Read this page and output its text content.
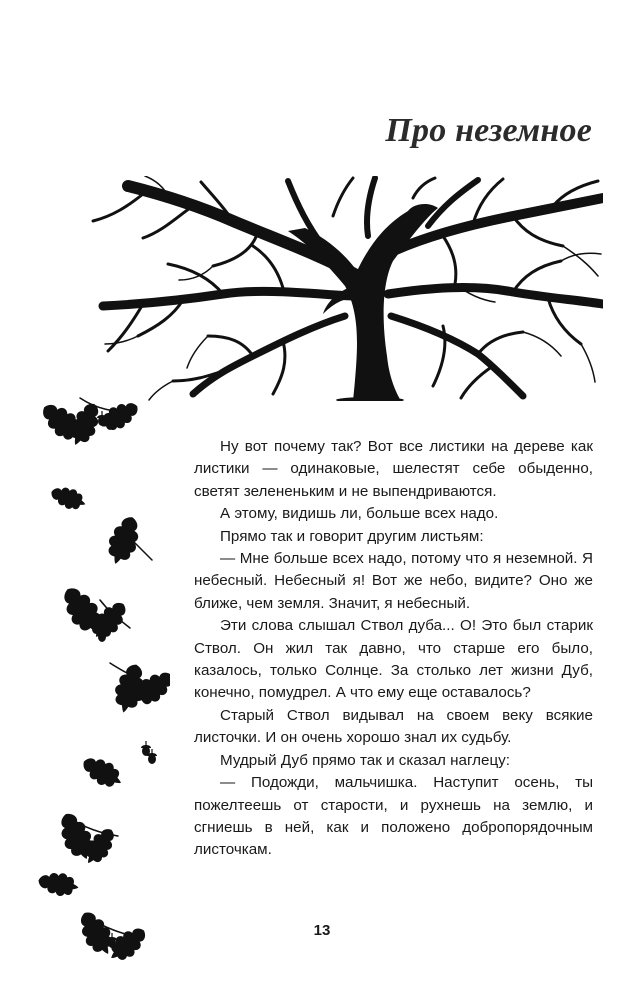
Про неземное

Ну вот почему так? Вот все листики на дереве как листики — одинаковые, шелестят себе обыденно, светят зелененьким и не выпендриваются.

А этому, видишь ли, больше всех надо.

Прямо так и говорит другим листьям:

— Мне больше всех надо, потому что я неземной. Я небесный. Небесный я! Вот же небо, видите? Оно же ближе, чем земля. Значит, я небесный.

Эти слова слышал Ствол дуба... О! Это был старик Ствол. Он жил так давно, что старше его было, казалось, только Солнце. За столько лет жизни Дуб, конечно, помудрел. А что ему еще оставалось?

Старый Ствол видывал на своем веку всякие листочки. И он очень хорошо знал их судьбу.

Мудрый Дуб прямо так и сказал наглецу:

— Подожди, мальчишка. Наступит осень, ты пожелтеешь от старости, и рухнешь на землю, и сгниешь в ней, как и положено добропорядочным листочкам.

13
